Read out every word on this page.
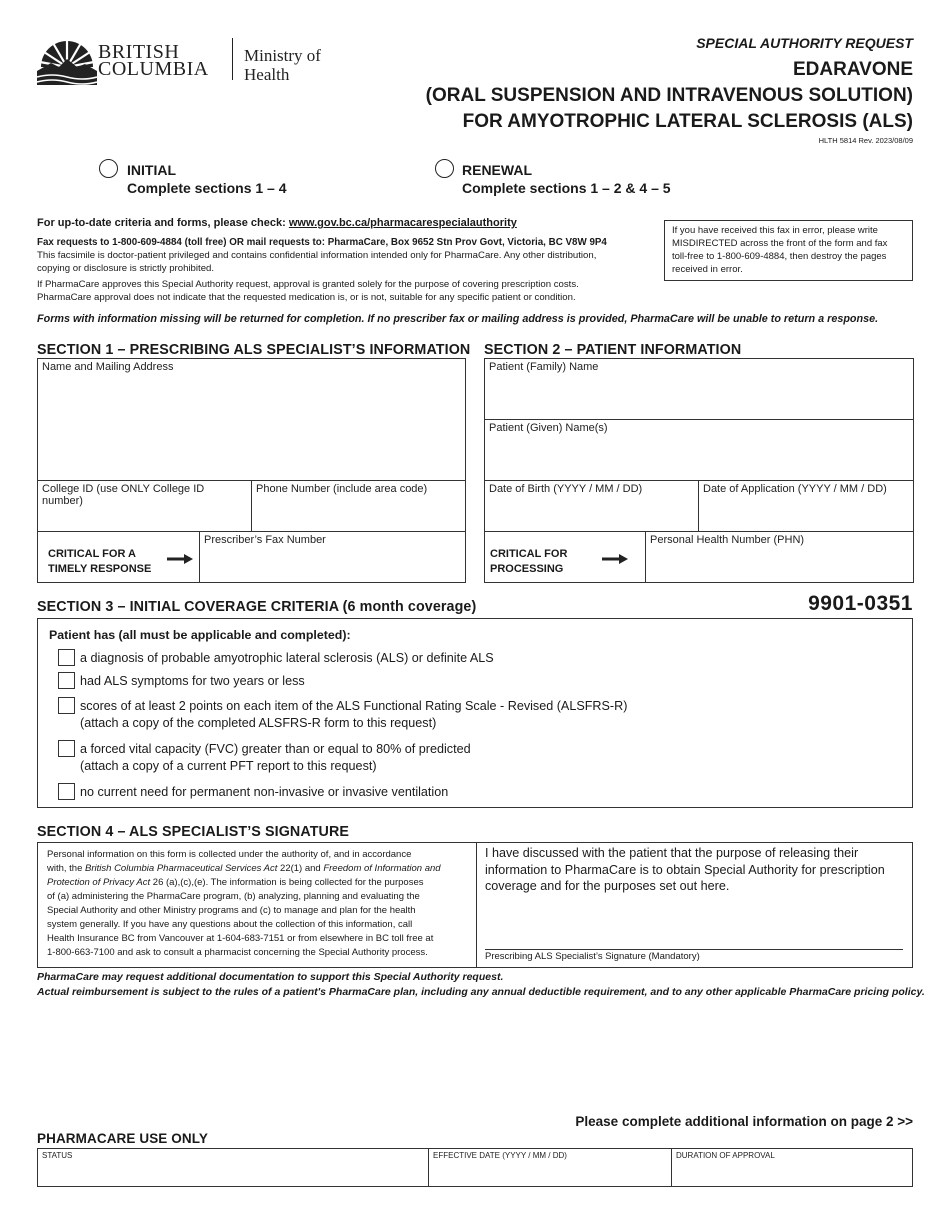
BRITISH
COLUMBIA
Ministry of
Health
SPECIAL AUTHORITY REQUEST
EDARAVONE
(ORAL SUSPENSION AND INTRAVENOUS SOLUTION)
FOR AMYOTROPHIC LATERAL SCLEROSIS (ALS)
HLTH 5814 Rev. 2023/08/09
INITIAL
Complete sections 1 – 4
RENEWAL
Complete sections 1 – 2 & 4 – 5
For up-to-date criteria and forms, please check: www.gov.bc.ca/pharmacarespecialauthority
Fax requests to 1-800-609-4884 (toll free) OR mail requests to: PharmaCare, Box 9652 Stn Prov Govt, Victoria, BC V8W 9P4
This facsimile is doctor-patient privileged and contains confidential information intended only for PharmaCare. Any other distribution,
copying or disclosure is strictly prohibited.
If PharmaCare approves this Special Authority request, approval is granted solely for the purpose of covering prescription costs.
PharmaCare approval does not indicate that the requested medication is, or is not, suitable for any specific patient or condition.
If you have received this fax in error, please write MISDIRECTED across the front of the form and fax toll-free to 1-800-609-4884, then destroy the pages received in error.
Forms with information missing will be returned for completion. If no prescriber fax or mailing address is provided, PharmaCare will be unable to return a response.
SECTION 1 – PRESCRIBING ALS SPECIALIST’S INFORMATION
Name and Mailing Address
College ID (use ONLY College ID number)
Phone Number (include area code)
CRITICAL FOR A
TIMELY RESPONSE
Prescriber’s Fax Number
SECTION 2 – PATIENT INFORMATION
Patient (Family) Name
Patient (Given) Name(s)
Date of Birth (YYYY / MM / DD)	Date of Application (YYYY / MM / DD)
CRITICAL FOR
PROCESSING
Personal Health Number (PHN)
SECTION 3 – INITIAL COVERAGE CRITERIA (6 month coverage)	9901-0351
Patient has (all must be applicable and completed):
a diagnosis of probable amyotrophic lateral sclerosis (ALS) or definite ALS
had ALS symptoms for two years or less
scores of at least 2 points on each item of the ALS Functional Rating Scale - Revised (ALSFRS-R)
(attach a copy of the completed ALSFRS-R form to this request)
a forced vital capacity (FVC) greater than or equal to 80% of predicted
(attach a copy of a current PFT report to this request)
no current need for permanent non-invasive or invasive ventilation
SECTION 4 – ALS SPECIALIST’S SIGNATURE
Personal information on this form is collected under the authority of, and in accordance
with, the British Columbia Pharmaceutical Services Act 22(1) and Freedom of Information and
Protection of Privacy Act 26 (a),(c),(e). The information is being collected for the purposes
of (a) administering the PharmaCare program, (b) analyzing, planning and evaluating the
Special Authority and other Ministry programs and (c) to manage and plan for the health
system generally. If you have any questions about the collection of this information, call
Health Insurance BC from Vancouver at 1-604-683-7151 or from elsewhere in BC toll free at
1-800-663-7100 and ask to consult a pharmacist concerning the Special Authority process.
I have discussed with the patient that the purpose of releasing their
information to PharmaCare is to obtain Special Authority for prescription
coverage and for the purposes set out here.
Prescribing ALS Specialist’s Signature (Mandatory)
PharmaCare may request additional documentation to support this Special Authority request.
Actual reimbursement is subject to the rules of a patient's PharmaCare plan, including any annual deductible requirement, and to any other applicable PharmaCare pricing policy.
Please complete additional information on page 2 >>
PHARMACARE USE ONLY
STATUS	EFFECTIVE DATE (YYYY / MM / DD)	DURATION OF APPROVAL
